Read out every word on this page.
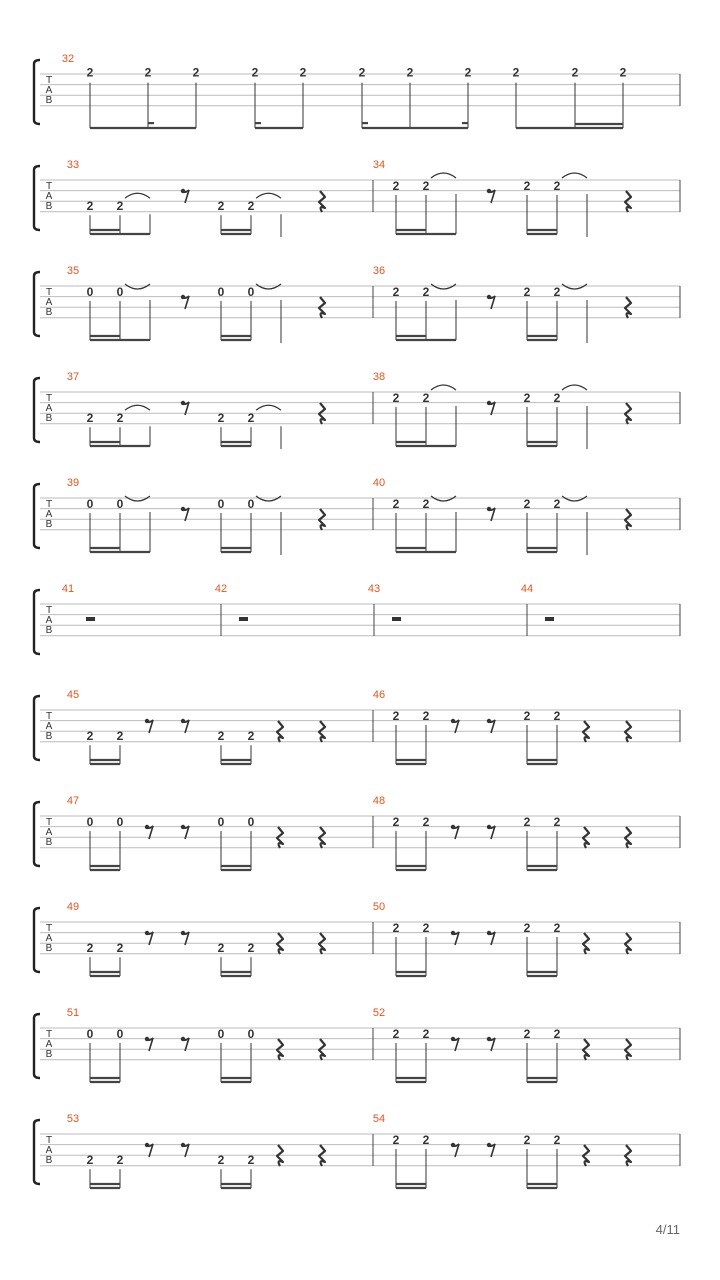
T
A
B
32
2	2	2	2	2	2	2	2	2	2	2
T
A
B
33
2 2	2 2
34
2 2	2 2
T
A
B
35
0 0	0 0
36
2 2	2 2
T
A
B
37
2 2	2 2
38
2 2	2 2
T
A
B
39
0 0	0 0
40
2 2	2 2
T
A
B
41	42	43	44
T
A
B
45
2 2	2 2
46
2 2	2 2
T
A
B
47
0 0	0 0
48
2 2	2 2
T
A
B
49
2 2	2 2
50
2 2	2 2
T
A
B
51
0 0	0 0
52
2 2	2 2
T
A
B
53
2 2	2 2
54
2 2	2 2
4/11
